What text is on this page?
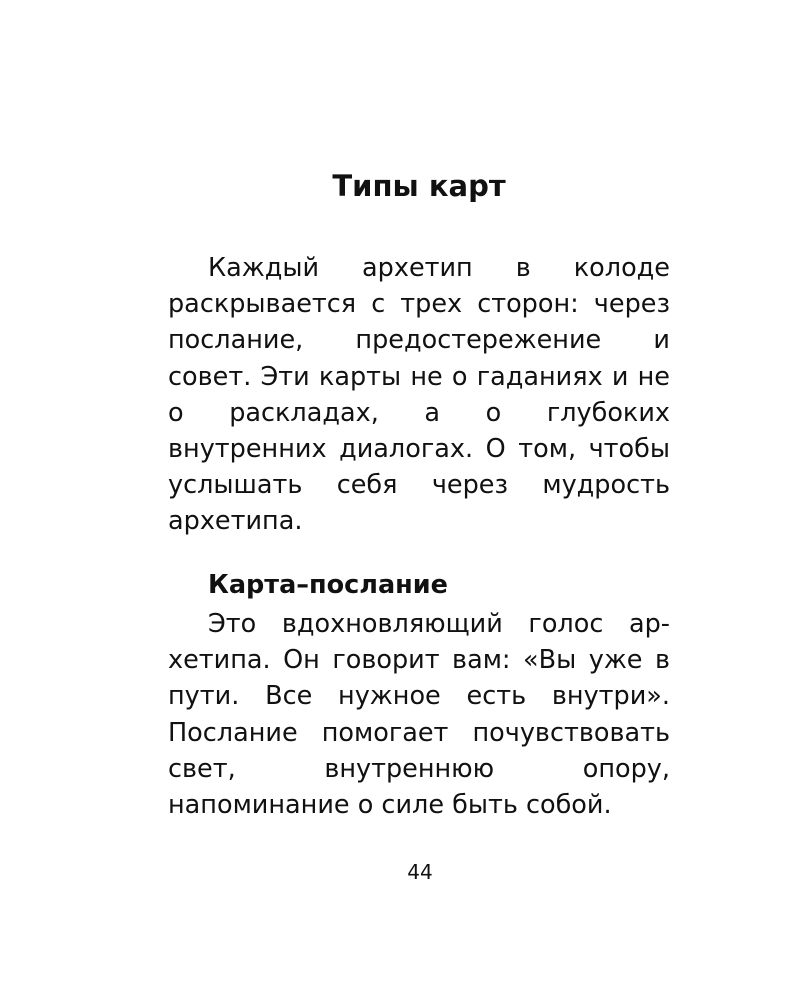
Типы карт

Каждый архетип в колоде раскрывается с трех сторон: через послание, предостережение и совет. Эти карты не о гаданиях и не о раскладах, а о глубоких внутренних диалогах. О том, чтобы услышать себя через мудрость архетипа.

Карта–послание

Это вдохновляющий голос архетипа. Он говорит вам: «Вы уже в пути. Все нужное есть внутри». Послание помогает почувствовать свет, внутреннюю опору, напоминание о силе быть собой.

44
